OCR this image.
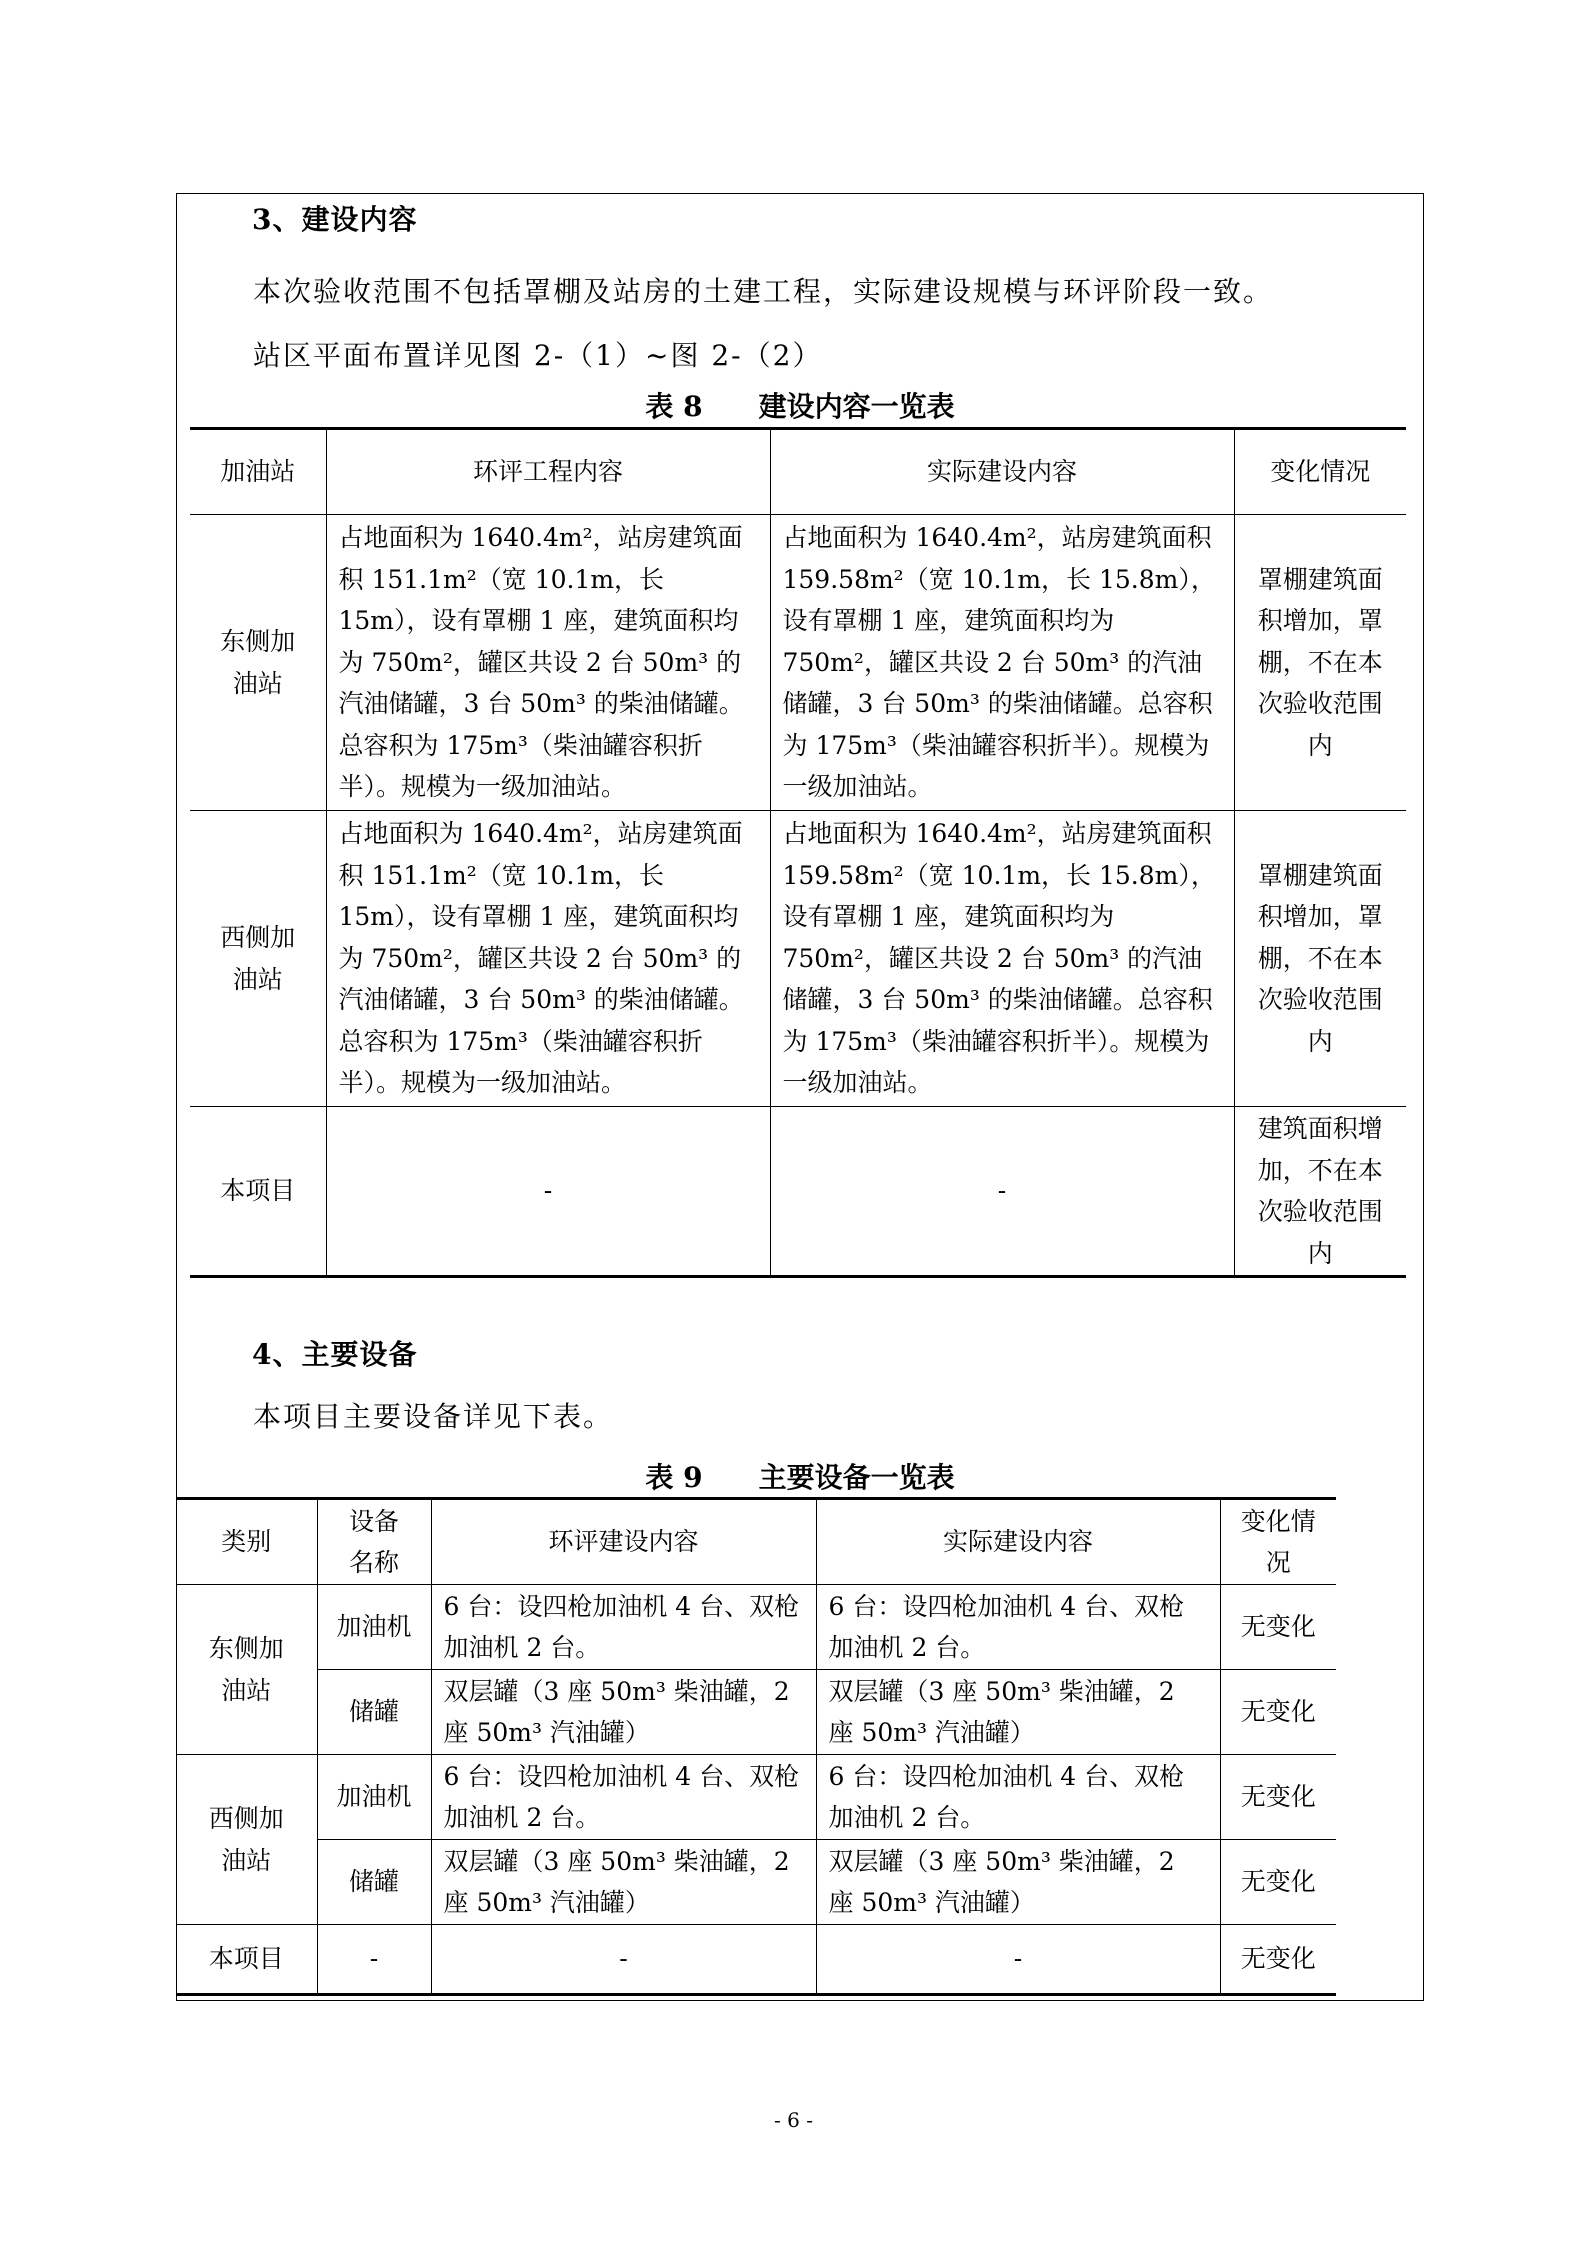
3、建设内容
本次验收范围不包括罩棚及站房的土建工程，实际建设规模与环评阶段一致。
站区平面布置详见图 2-（1）~图 2-（2）
表 8 建设内容一览表
加油站	环评工程内容	实际建设内容	变化情况
东侧加油站	占地面积为 1640.4m²，站房建筑面积 151.1m²（宽 10.1m，长 15m），设有罩棚 1 座，建筑面积均为 750m²，罐区共设 2 台 50m³ 的汽油储罐，3 台 50m³ 的柴油储罐。总容积为 175m³（柴油罐容积折半）。规模为一级加油站。	占地面积为 1640.4m²，站房建筑面积 159.58m²（宽 10.1m，长 15.8m），设有罩棚 1 座，建筑面积均为 750m²，罐区共设 2 台 50m³ 的汽油储罐，3 台 50m³ 的柴油储罐。总容积为 175m³（柴油罐容积折半）。规模为一级加油站。	罩棚建筑面积增加，罩棚，不在本次验收范围内
西侧加油站	占地面积为 1640.4m²，站房建筑面积 151.1m²（宽 10.1m，长 15m），设有罩棚 1 座，建筑面积均为 750m²，罐区共设 2 台 50m³ 的汽油储罐，3 台 50m³ 的柴油储罐。总容积为 175m³（柴油罐容积折半）。规模为一级加油站。	占地面积为 1640.4m²，站房建筑面积 159.58m²（宽 10.1m，长 15.8m），设有罩棚 1 座，建筑面积均为 750m²，罐区共设 2 台 50m³ 的汽油储罐，3 台 50m³ 的柴油储罐。总容积为 175m³（柴油罐容积折半）。规模为一级加油站。	罩棚建筑面积增加，罩棚，不在本次验收范围内
本项目	-	-	建筑面积增加，不在本次验收范围内
4、主要设备
本项目主要设备详见下表。
表 9 主要设备一览表
类别	设备名称	环评建设内容	实际建设内容	变化情况
东侧加油站	加油机	6 台：设四枪加油机 4 台、双枪加油机 2 台。	6 台：设四枪加油机 4 台、双枪加油机 2 台。	无变化
	储罐	双层罐（3 座 50m³ 柴油罐，2 座 50m³ 汽油罐）	双层罐（3 座 50m³ 柴油罐，2 座 50m³ 汽油罐）	无变化
西侧加油站	加油机	6 台：设四枪加油机 4 台、双枪加油机 2 台。	6 台：设四枪加油机 4 台、双枪加油机 2 台。	无变化
	储罐	双层罐（3 座 50m³ 柴油罐，2 座 50m³ 汽油罐）	双层罐（3 座 50m³ 柴油罐，2 座 50m³ 汽油罐）	无变化
本项目	-	-	-	无变化
- 6 -
